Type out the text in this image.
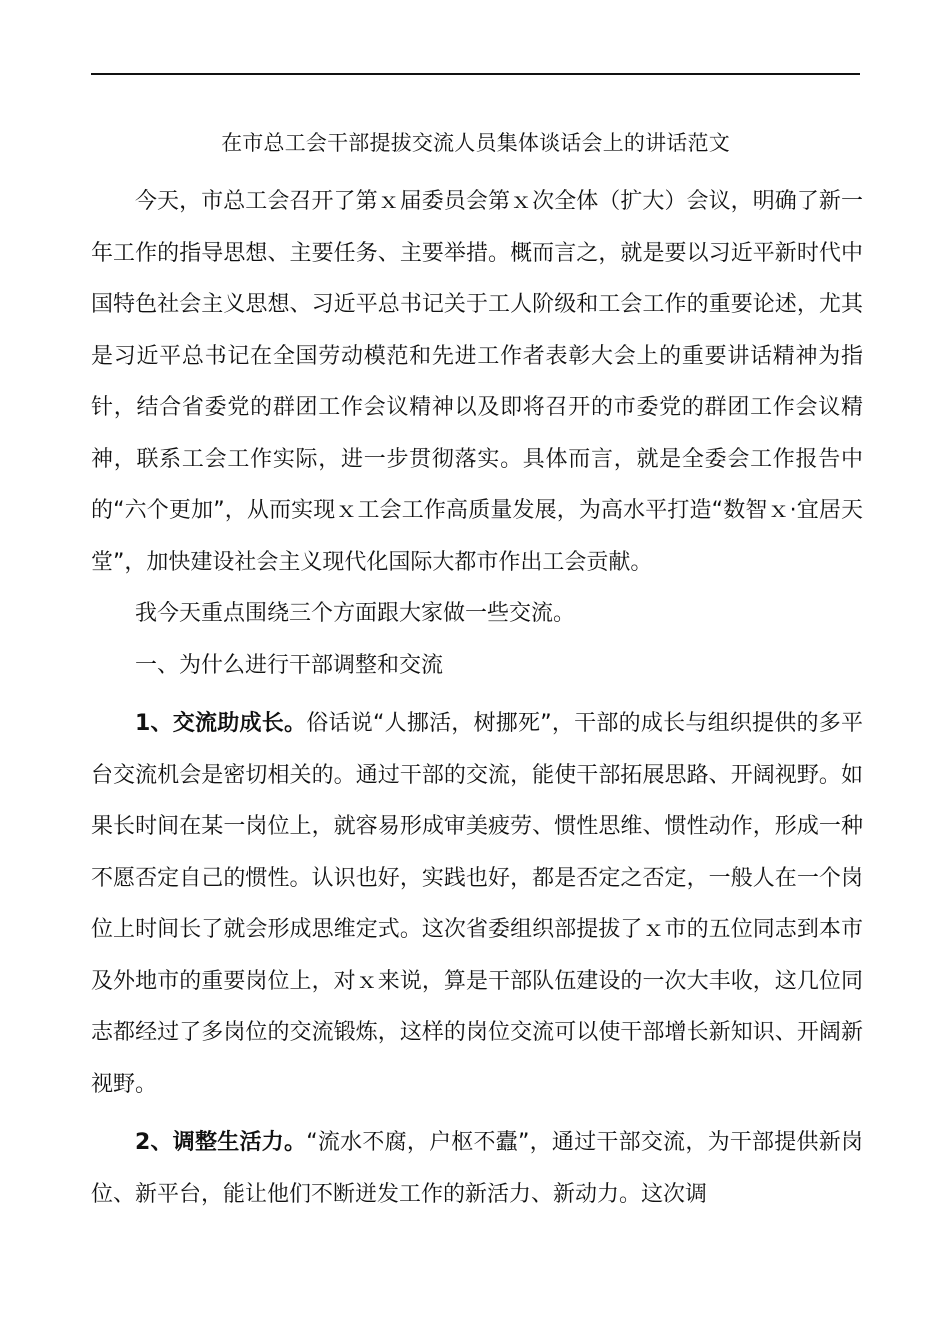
在市总工会干部提拔交流人员集体谈话会上的讲话范文

今天，市总工会召开了第ｘ届委员会第ｘ次全体（扩大）会议，明确了新一年工作的指导思想、主要任务、主要举措。概而言之，就是要以习近平新时代中国特色社会主义思想、习近平总书记关于工人阶级和工会工作的重要论述，尤其是习近平总书记在全国劳动模范和先进工作者表彰大会上的重要讲话精神为指针，结合省委党的群团工作会议精神以及即将召开的市委党的群团工作会议精神，联系工会工作实际，进一步贯彻落实。具体而言，就是全委会工作报告中的“六个更加”，从而实现ｘ工会工作高质量发展，为高水平打造“数智ｘ·宜居天堂”，加快建设社会主义现代化国际大都市作出工会贡献。

我今天重点围绕三个方面跟大家做一些交流。

一、为什么进行干部调整和交流

1、交流助成长。俗话说“人挪活，树挪死”，干部的成长与组织提供的多平台交流机会是密切相关的。通过干部的交流，能使干部拓展思路、开阔视野。如果长时间在某一岗位上，就容易形成审美疲劳、惯性思维、惯性动作，形成一种不愿否定自己的惯性。认识也好，实践也好，都是否定之否定，一般人在一个岗位上时间长了就会形成思维定式。这次省委组织部提拔了ｘ市的五位同志到本市及外地市的重要岗位上，对ｘ来说，算是干部队伍建设的一次大丰收，这几位同志都经过了多岗位的交流锻炼，这样的岗位交流可以使干部增长新知识、开阔新视野。

2、调整生活力。“流水不腐，户枢不蠹”，通过干部交流，为干部提供新岗位、新平台，能让他们不断迸发工作的新活力、新动力。这次调
